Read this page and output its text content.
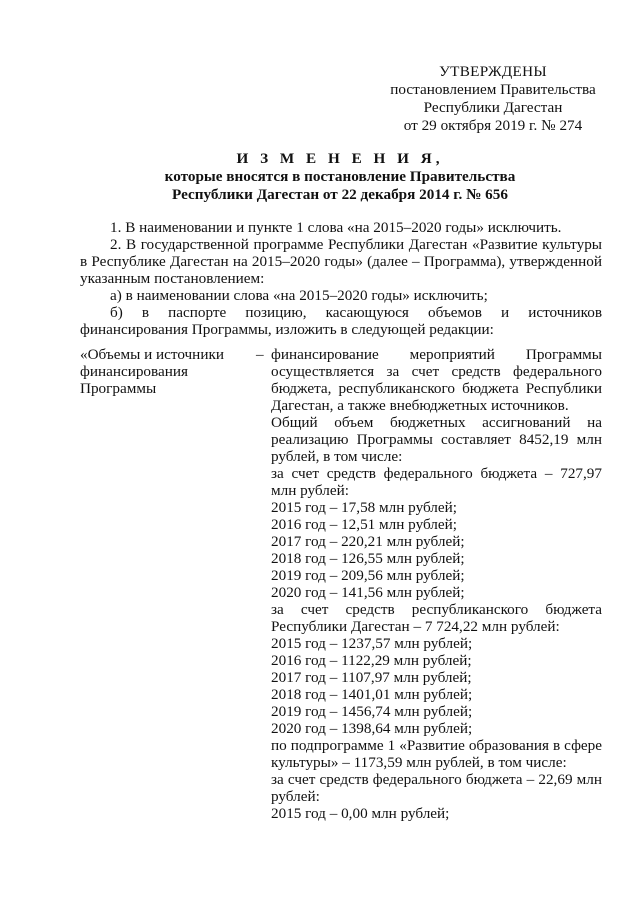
УТВЕРЖДЕНЫ
постановлением Правительства
Республики Дагестан
от 29 октября 2019 г. № 274
И З М Е Н Е Н И Я,
которые вносятся в постановление Правительства
Республики Дагестан от 22 декабря 2014 г. № 656
1. В наименовании и пункте 1 слова «на 2015–2020 годы» исключить.
2. В государственной программе Республики Дагестан «Развитие культуры в Республике Дагестан на 2015–2020 годы» (далее – Программа), утвержденной указанным постановлением:
а) в наименовании слова «на 2015–2020 годы» исключить;
б) в паспорте позицию, касающуюся объемов и источников финансирования Программы, изложить в следующей редакции:
«Объемы и источники финансирования Программы
– финансирование мероприятий Программы осуществляется за счет средств федерального бюджета, республиканского бюджета Республики Дагестан, а также внебюджетных источников.
Общий объем бюджетных ассигнований на реализацию Программы составляет 8452,19 млн рублей, в том числе:
за счет средств федерального бюджета – 727,97 млн рублей:
2015 год – 17,58 млн рублей;
2016 год – 12,51 млн рублей;
2017 год – 220,21 млн рублей;
2018 год – 126,55 млн рублей;
2019 год – 209,56 млн рублей;
2020 год – 141,56 млн рублей;
за счет средств республиканского бюджета Республики Дагестан – 7 724,22 млн рублей:
2015 год – 1237,57 млн рублей;
2016 год – 1122,29 млн рублей;
2017 год – 1107,97 млн рублей;
2018 год – 1401,01 млн рублей;
2019 год – 1456,74 млн рублей;
2020 год – 1398,64 млн рублей;
по подпрограмме 1 «Развитие образования в сфере культуры» – 1173,59 млн рублей, в том числе:
за счет средств федерального бюджета – 22,69 млн рублей:
2015 год – 0,00 млн рублей;
